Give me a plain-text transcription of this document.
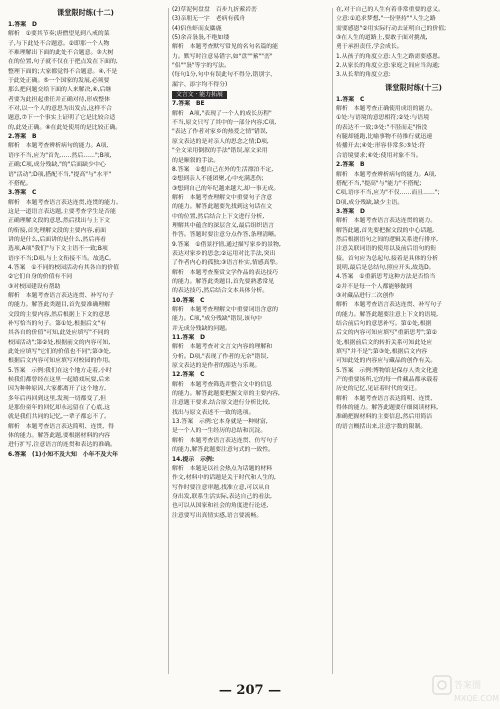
课堂限时练(十二)
1.答案　D
解析　①要其节奏;唐僧望见到八戒的菜
子,与下此处不合题意。②即那一个人物
不难理解出下面的此处不合题意。③大树
在的位置,句子就不仅在于把点发在下面的,
整理下面的;大家都觉得不合题意。④,不是
于此处正确。⑤一个国家的发展,必须要
那么把问题交给下面的人来解决,⑥,后继
者要为此担起重任并正确对待,形成整体
不对,以一个人的意思为出发点,这样不合
题意,⑦下一个事实上证明了它是比较合适
的,此处正确。⑧在此处使用的是比较正确。
2.答案　B
解析　本题考查辨析病句的能力。A项,
语序不当,应为"首先……然后……";B项,
正确;C项,成分残缺,"的"后面缺少中心
语"活动";D项,搭配不当,"提高"与"水平"
不搭配。
3.答案　C
解析　本题考查语言表达连贯,连贯的能力。
这是一道语言表达题,主要考查学生是否能
正确理解文段的意思,然后找出与上下文
的衔接,首先理解文段的主要内容,前面
讲的是什么,后面讲的是什么,然后再看
选项,A项"我们"与下文主语不一致;B项
语序不当;D项,与上文衔接不当。故选C。
4.答案　①不同的校园活动有其各自的价值
②它们自身的价值有不同
③对校园建设有帮助
解析　本题考查语言表达连贯、补写句子
的能力。解答此类题目,首先要准确理解
文段的主要内容,然后根据上下文的意思
补写恰当的句子。第①处,根据后文"有
其各自的价值"可知,此处应填写"不同的
校园活动";第②处,根据前文的内容可知,
此处应填写"它们的价值也不同";第③处,
根据后文内容可知应填写对校园的作用。
5.答案　示例:我们在这个地方走着,小时
候我们都曾经在这里一起嬉戏玩耍,后来
因为种种原因,大家都离开了这个地方,
多年后再回到这里,发现一切都变了,但
是那份童年的回忆却永远留在了心底,这
就是我们共同的记忆,一辈子都忘不了。
解析　本题考查语言表达简明、连贯、得
体的能力。解答此题,要根据材料的内容
进行扩写,注意语言的连贯和表达的准确。
6.答案　(1)小知不及大知　小年不及大年
(2)草泥何盘盘　百步九折萦岩峦
(3)亲朋无一字　老病有孤舟
(4)侣鱼虾而友麋鹿
(5)余音袅袅,不绝如缕
解析　本题考查默写常见的名句名篇的能
力。默写时注意易错字,如"盘""萦""峦"
"侣""袅"等字的写法。
(每句1分,句中有误此句不得分,错别字、
漏字、添字均不得分)
文言文 · 能力拓展
7.答案　BE
解析　A项,"表现了一个人的成长历程"
不当,原文只写了其中的一部分内容;C项,
"表达了作者对家乡的热爱之情"错误,
原文表达的是对亲人的思念之情;D项,
"全文采用倒叙的手法"错误,原文采用
的是顺叙的手法。
8.答案　①想自己在外的生活漂泊不定,
②想到亲人不能团聚,心中充满悲伤;
③想到自己的年纪越来越大,却一事无成。
解析　本题考查理解文中重要句子含意
的能力。解答此题要先找到这句话在文
中的位置,然后结合上下文进行分析,
理解其中蕴含的深层含义,最后组织语言
作答。答题时要注意分点作答,条理清晰。
9.答案　①借景抒情,通过描写家乡的景物,
表达对家乡的思念;②运用对比手法,突出
了作者内心的孤独;③语言朴实,情感真挚。
解析　本题考查鉴赏文学作品的表达技巧
的能力。解答此类题目,首先要熟悉常见
的表达技巧,然后结合文本具体分析。
10.答案　C
解析　本题考查理解文中重要词语含意的
能力。C项,"成分残缺"错误,该句中
并无成分残缺的问题。
11.答案　D
解析　本题考查对文言文内容的理解和
分析。D项,"表现了作者的无奈"错误,
原文表达的是作者的豁达与乐观。
12.答案　C
解析　本题考查筛选并整合文中的信息
的能力。解答此题要把握文章的主要内容,
注意题干要求,结合原文进行分析比较,
找出与原文表述不一致的选项。
13.答案　示例:它本身就是一种财富,
是一个人的一生经历的总结和沉淀。
解析　本题考查语言表达连贯、仿写句子
的能力,解答此题要注意句式的一致性。
14.提示　示例:
解析　本题是以社会热点为话题的材料
作文,材料中的话题是关于时代和人生的,
写作时要注意审题,找准立意,可以从自
身出发,联系生活实际,表达自己的看法,
也可以从国家和社会的角度进行论述,
注意要写出真情实感,语言要流畅。
在,对于自己的人生有着非常重要的意义。
立意:①追求梦想,"一份坚持""人生之路
需要感恩"②用实际行动去证明自己的价值;
③在人生的道路上,要敢于面对挑战,
勇于承担责任,学会成长。
1.从孩子的角度立意:人生之路需要感恩。
2.从家长的角度立意:家庭之间应当沟通;
3.从长辈的角度立意:
课堂限时练(十三)
1.答案　C
解析　本题考查正确使用成语的能力。
①处:与语境的意思相符;②处:与语境
的表达不一致;③处:"不胫而走"指没
有腿却能跑,比喻事物不待推行就迅速
传播开去;④处:形容非常多;⑤处:符
合语境要求;⑥处:使用对象不当。
2.答案　B
解析　本题考查辨析病句的能力。A项,
搭配不当,"提高"与"能力"不搭配;
C项,语序不当,应为"不仅……而且……";
D项,成分残缺,缺少主语。
3.答案　D
解析　本题考查语言表达连贯的能力。
解答此题,首先要把握文段的中心话题,
然后根据语句之间的逻辑关系进行排序,
注意关联词语的使用以及前后语句的衔
接。首句应为总起句,接着是具体的分析
说明,最后是总结句,照应开头,故选D。
4.答案　①重新思考这种方法是否恰当
②并不是每一个人都能够做到
③对藏品进行二次创作
解析　本题考查语言表达连贯、补写句子
的能力。解答此题要注意上下文的语境,
结合前后句的意思补写。第①处,根据
后文的内容可知应填写"重新思考";第②
处,根据前后文的转折关系可知此处应
填写"并不是";第③处,根据后文内容
可知此处的内容应与藏品的创作有关。
5.答案　示例:博物馆是保存人类文化遗
产的重要场所,它的每一件藏品都承载着
历史的记忆,见证着时代的变迁。
解析　本题考查语言表达简明、连贯、
得体的能力。解答此题要仔细阅读材料,
准确把握材料的主要信息,然后用简洁
的语言概括出来,注意字数的限制。
— 207 —	答案圈
MXQE.COM
